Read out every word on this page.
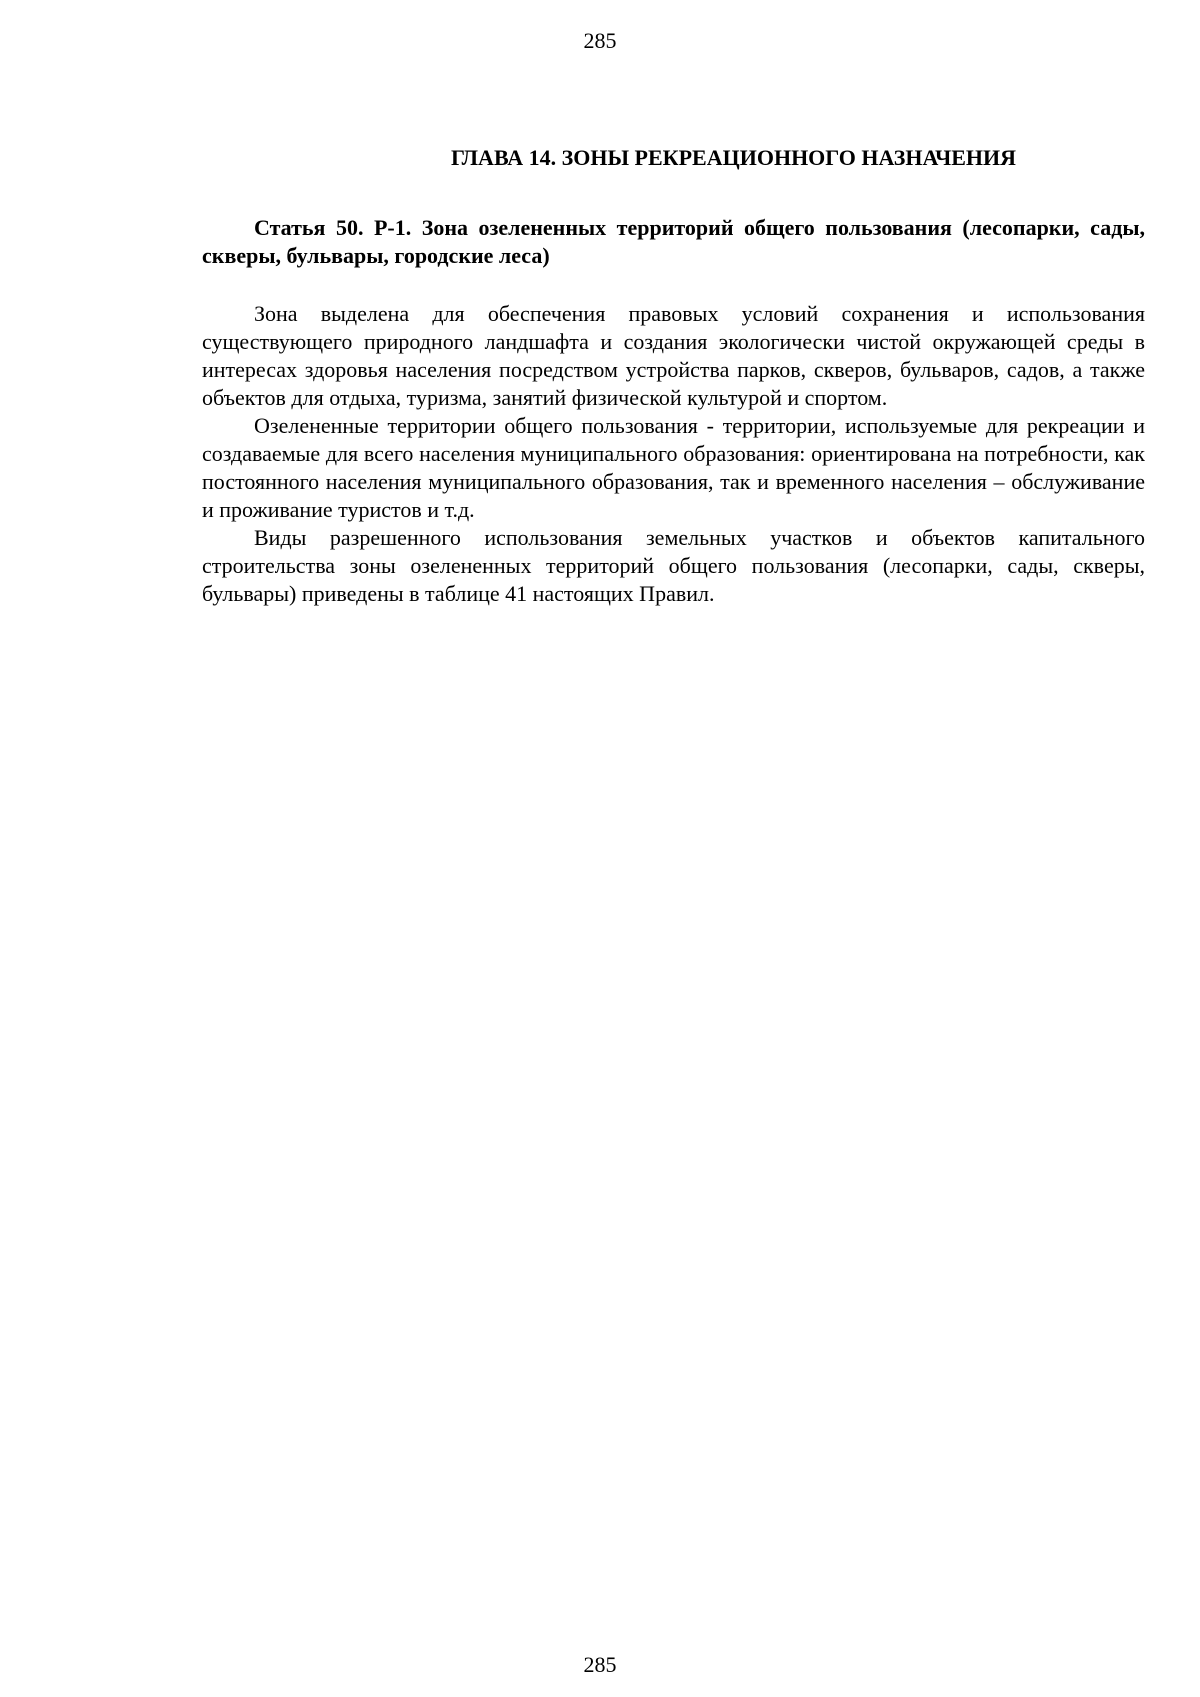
285
ГЛАВА 14. ЗОНЫ РЕКРЕАЦИОННОГО НАЗНАЧЕНИЯ
Статья 50. Р-1. Зона озелененных территорий общего пользования (лесопарки, сады, скверы, бульвары, городские леса)

Зона выделена для обеспечения правовых условий сохранения и использования существующего природного ландшафта и создания экологически чистой окружающей среды в интересах здоровья населения посредством устройства парков, скверов, бульваров, садов, а также объектов для отдыха, туризма, занятий физической культурой и спортом.

Озелененные территории общего пользования - территории, используемые для рекреации и создаваемые для всего населения муниципального образования: ориентирована на потребности, как постоянного населения муниципального образования, так и временного населения – обслуживание и проживание туристов и т.д.

Виды разрешенного использования земельных участков и объектов капитального строительства зоны озелененных территорий общего пользования (лесопарки, сады, скверы, бульвары) приведены в таблице 41 настоящих Правил.

285
